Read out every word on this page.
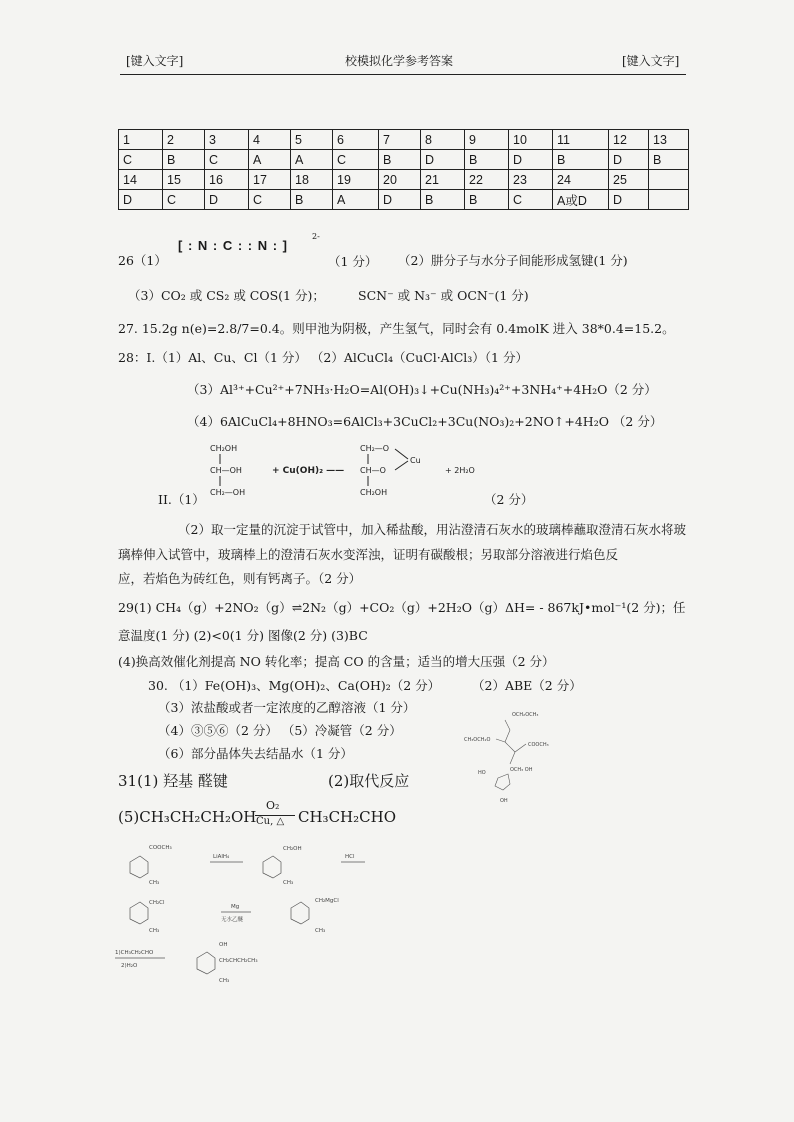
[键入文字]	校模拟化学参考答案	[键入文字]
1	2	3	4	5	6	7	8	9	10	11	12	13
C	B	C	A	A	C	B	D	B	D	B	D	B
14	15	16	17	18	19	20	21	22	23	24	25	
D	C	D	C	B	A	D	B	B	C	A或D	D	
26（1）
[ : N : C : : N : ]
2-
（1 分） （2）肼分子与水分子间能形成氢键(1 分)
（3）CO₂ 或 CS₂ 或 COS(1 分)；	SCN⁻ 或 N₃⁻ 或 OCN⁻(1 分)
27. 15.2g n(e)=2.8/7=0.4。则甲池为阴极，产生氢气，同时会有 0.4molK 进入 38*0.4=15.2。
28：I.（1）Al、Cu、Cl（1 分） （2）AlCuCl₄（CuCl·AlCl₃）（1 分）
（3）Al³⁺+Cu²⁺+7NH₃·H₂O=Al(OH)₃↓+Cu(NH₃)₄²⁺+3NH₄⁺+4H₂O（2 分）
（4）6AlCuCl₄+8HNO₃=6AlCl₃+3CuCl₂+3Cu(NO₃)₂+2NO↑+4H₂O （2 分）
CH₂OH
CH—OH
CH₂—OH
+ Cu(OH)₂ ——
CH₂—O
CH—O
CH₂OH
Cu
+ 2H₂O
II.（1）	（2 分）
（2）取一定量的沉淀于试管中，加入稀盐酸，用沾澄清石灰水的玻璃棒蘸取澄清石灰水将玻
璃棒伸入试管中，玻璃棒上的澄清石灰水变浑浊，证明有碳酸根；另取部分溶液进行焰色反
应，若焰色为砖红色，则有钙离子。（2 分）
29(1) CH₄（g）+2NO₂（g）⇌2N₂（g）+CO₂（g）+2H₂O（g）ΔH= - 867kJ•mol⁻¹(2 分)；任
意温度(1 分) (2)<0(1 分) 图像(2 分) (3)BC
(4)换高效催化剂提高 NO 转化率；提高 CO 的含量；适当的增大压强（2 分）
30. （1）Fe(OH)₃、Mg(OH)₂、Ca(OH)₂（2 分）	（2）ABE（2 分）
（3）浓盐酸或者一定浓度的乙醇溶液（1 分）
（4）③⑤⑥（2 分） （5）冷凝管（2 分）
（6）部分晶体失去结晶水（1 分）
OCH₂OCH₃
CH₃OCH₂O
COOCH₃
OCH₃ OH
HO
OH
31(1) 羟基 醛键	(2)取代反应
(5)CH₃CH₂CH₂OH
O₂
Cu, △ CH₃CH₂CHO
COOCH₃
CH₃
LiAlH₄
CH₂OH
CH₃
HCl
CH₂Cl
CH₃
Mg
无水乙醚
CH₂MgCl
CH₃
1)CH₃CH₂CHO
2)H₂O
OH
CH₂CHCH₂CH₃
CH₃
